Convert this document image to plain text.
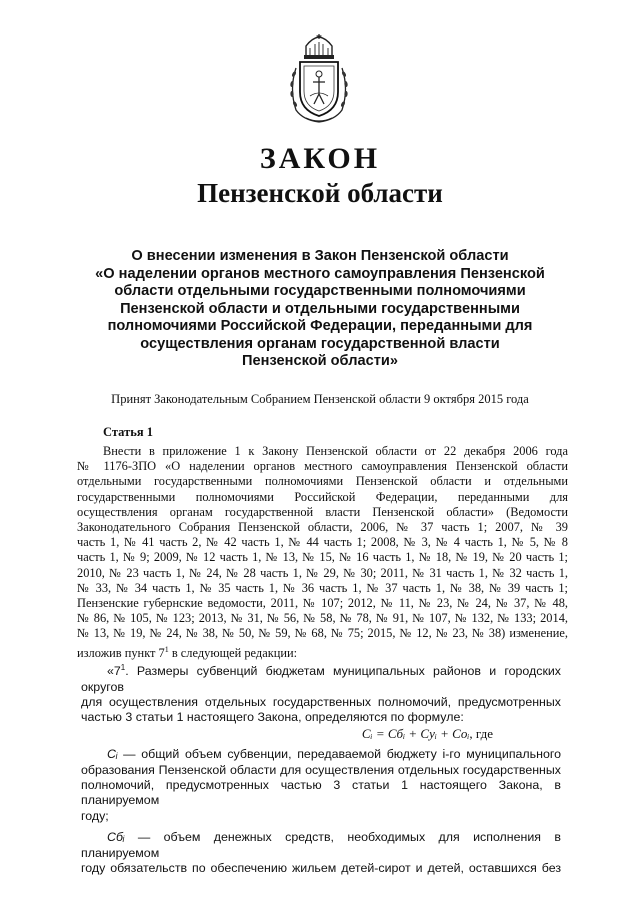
ЗАКОН
Пензенской области
О внесении изменения в Закон Пензенской области
«О наделении органов местного самоуправления Пензенской
области отдельными государственными полномочиями
Пензенской области и отдельными государственными
полномочиями Российской Федерации, переданными для
осуществления органам государственной власти
Пензенской области»
Принят Законодательным Собранием Пензенской области 9 октября 2015 года
Статья 1
Внести в приложение 1 к Закону Пензенской области от 22 декабря 2006 года
№ 1176-ЗПО «О наделении органов местного самоуправления Пензенской области
отдельными государственными полномочиями Пензенской области и отдельными
государственными полномочиями Российской Федерации, переданными для
осуществления органам государственной власти Пензенской области» (Ведомости
Законодательного Собрания Пензенской области, 2006, № 37 часть 1; 2007, № 39
часть 1, № 41 часть 2, № 42 часть 1, № 44 часть 1; 2008, № 3, № 4 часть 1, № 5, № 8
часть 1, № 9; 2009, № 12 часть 1, № 13, № 15, № 16 часть 1, № 18, № 19, № 20 часть 1;
2010, № 23 часть 1, № 24, № 28 часть 1, № 29, № 30; 2011, № 31 часть 1, № 32 часть 1,
№ 33, № 34 часть 1, № 35 часть 1, № 36 часть 1, № 37 часть 1, № 38, № 39 часть 1;
Пензенские губернские ведомости, 2011, № 107; 2012, № 11, № 23, № 24, № 37, № 48,
№ 86, № 105, № 123; 2013, № 31, № 56, № 58, № 78, № 91, № 107, № 132, № 133; 2014,
№ 13, № 19, № 24, № 38, № 50, № 59, № 68, № 75; 2015, № 12, № 23, № 38) изменение,
изложив пункт $7^1$ в следующей редакции:
«$7^1$. Размеры субвенций бюджетам муниципальных районов и городских округов
для осуществления отдельных государственных полномочий, предусмотренных
частью 3 статьи 1 настоящего Закона, определяются по формуле:
Cᵢ = Cбᵢ + Cyᵢ + Coᵢ, где
Cᵢ — общий объем субвенции, передаваемой бюджету i-го муниципального
образования Пензенской области для осуществления отдельных государственных
полномочий, предусмотренных частью 3 статьи 1 настоящего Закона, в планируемом
году;
Cбᵢ — объем денежных средств, необходимых для исполнения в планируемом
году обязательств по обеспечению жильем детей-сирот и детей, оставшихся без
